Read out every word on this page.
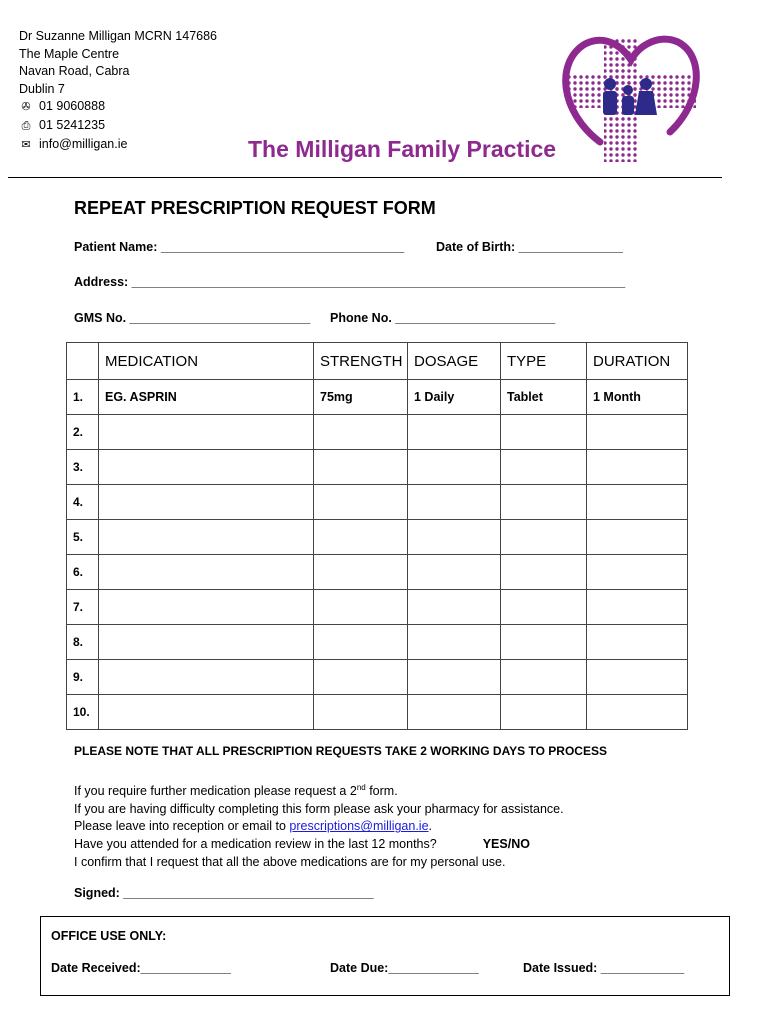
Dr Suzanne Milligan MCRN 147686
The Maple Centre
Navan Road, Cabra
Dublin 7
✇ 01 9060888
⎙ 01 5241235
✉ info@milligan.ie	The Milligan Family Practice
REPEAT PRESCRIPTION REQUEST FORM
Patient Name: ___________________________________	Date of Birth: _______________
Address: _______________________________________________________________________
GMS No. __________________________ Phone No. _______________________
	MEDICATION	STRENGTH	DOSAGE	TYPE	DURATION
1.	EG. ASPRIN	75mg	1 Daily	Tablet	1 Month
2.					
3.					
4.					
5.					
6.					
7.					
8.					
9.					
10.					
PLEASE NOTE THAT ALL PRESCRIPTION REQUESTS TAKE 2 WORKING DAYS TO PROCESS
If you require further medication please request a 2nd form.
If you are having difficulty completing this form please ask your pharmacy for assistance.
Please leave into reception or email to prescriptions@milligan.ie.
Have you attended for a medication review in the last 12 months?	YES/NO
I confirm that I request that all the above medications are for my personal use.
Signed: ____________________________________
OFFICE USE ONLY:
Date Received:_____________	Date Due:_____________	Date Issued: ____________
